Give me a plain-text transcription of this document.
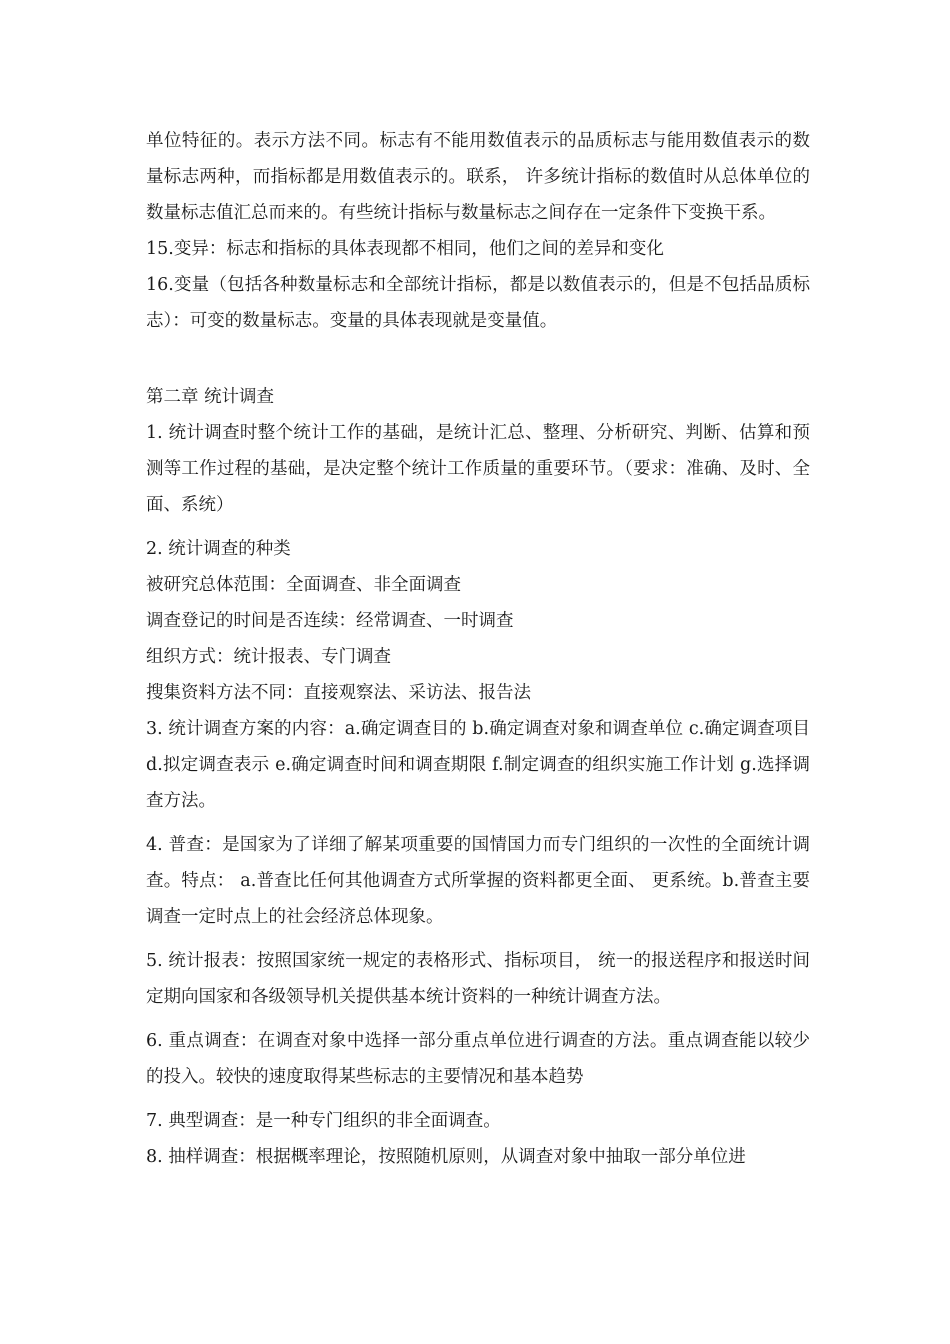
单位特征的。表示方法不同。标志有不能用数值表示的品质标志与能用数值表示的数量标志两种，而指标都是用数值表示的。联系， 许多统计指标的数值时从总体单位的数量标志值汇总而来的。有些统计指标与数量标志之间存在一定条件下变换干系。

15.变异：标志和指标的具体表现都不相同，他们之间的差异和变化

16.变量（包括各种数量标志和全部统计指标，都是以数值表示的，但是不包括品质标志）：可变的数量标志。变量的具体表现就是变量值。

第二章 统计调查

1. 统计调查时整个统计工作的基础，是统计汇总、整理、分析研究、判断、估算和预测等工作过程的基础，是决定整个统计工作质量的重要环节。（要求：准确、及时、全面、系统）

2. 统计调查的种类

被研究总体范围：全面调查、非全面调查

调查登记的时间是否连续：经常调查、一时调查

组织方式：统计报表、专门调查

搜集资料方法不同：直接观察法、采访法、报告法

3. 统计调查方案的内容：a.确定调查目的 b.确定调查对象和调查单位 c.确定调查项目 d.拟定调查表示 e.确定调查时间和调查期限 f.制定调查的组织实施工作计划 g.选择调查方法。

4. 普查：是国家为了详细了解某项重要的国情国力而专门组织的一次性的全面统计调查。特点： a.普查比任何其他调查方式所掌握的资料都更全面、 更系统。b.普查主要调查一定时点上的社会经济总体现象。

5. 统计报表：按照国家统一规定的表格形式、指标项目， 统一的报送程序和报送时间定期向国家和各级领导机关提供基本统计资料的一种统计调查方法。

6. 重点调查：在调查对象中选择一部分重点单位进行调查的方法。重点调查能以较少的投入。较快的速度取得某些标志的主要情况和基本趋势

7. 典型调查：是一种专门组织的非全面调查。

8. 抽样调查：根据概率理论，按照随机原则，从调查对象中抽取一部分单位进
